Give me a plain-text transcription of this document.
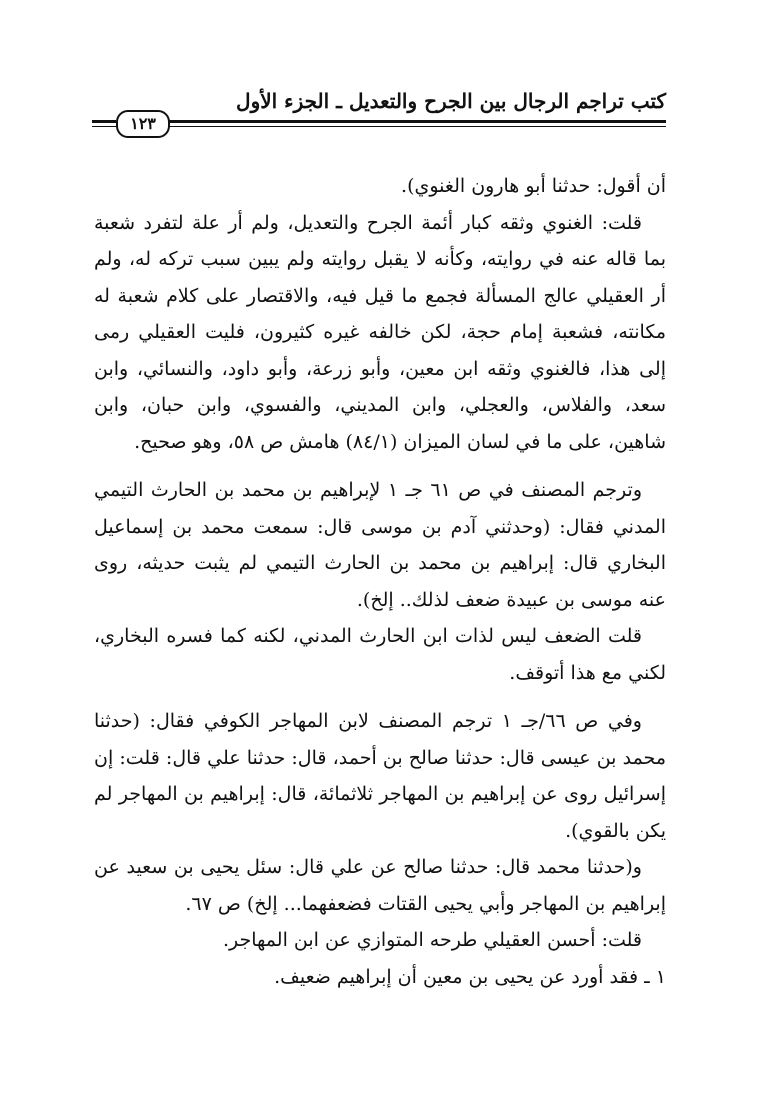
كتب تراجم الرجال بين الجرح والتعديل ـ الجزء الأول
١٢٣

أن أقول: حدثنا أبو هارون الغنوي).

قلت: الغنوي وثقه كبار أئمة الجرح والتعديل، ولم أر علة لتفرد شعبة بما قاله عنه في روايته، وكأنه لا يقبل روايته ولم يبين سبب تركه له، ولم أر العقيلي عالج المسألة فجمع ما قيل فيه، والاقتصار على كلام شعبة له مكانته، فشعبة إمام حجة، لكن خالفه غيره كثيرون، فليت العقيلي رمى إلى هذا، فالغنوي وثقه ابن معين، وأبو زرعة، وأبو داود، والنسائي، وابن سعد، والفلاس، والعجلي، وابن المديني، والفسوي، وابن حبان، وابن شاهين، على ما في لسان الميزان (٨٤/١) هامش ص ٥٨، وهو صحيح.

وترجم المصنف في ص ٦١ جـ ١ لإبراهيم بن محمد بن الحارث التيمي المدني فقال: (وحدثني آدم بن موسى قال: سمعت محمد بن إسماعيل البخاري قال: إبراهيم بن محمد بن الحارث التيمي لم يثبت حديثه، روى عنه موسى بن عبيدة ضعف لذلك.. إلخ).

قلت الضعف ليس لذات ابن الحارث المدني، لكنه كما فسره البخاري، لكني مع هذا أتوقف.

وفي ص ٦٦/جـ ١ ترجم المصنف لابن المهاجر الكوفي فقال: (حدثنا محمد بن عيسى قال: حدثنا صالح بن أحمد، قال: حدثنا علي قال: قلت: إن إسرائيل روى عن إبراهيم بن المهاجر ثلاثمائة، قال: إبراهيم بن المهاجر لم يكن بالقوي).

و(حدثنا محمد قال: حدثنا صالح عن علي قال: سئل يحيى بن سعيد عن إبراهيم بن المهاجر وأبي يحيى القتات فضعفهما... إلخ) ص ٦٧.

قلت: أحسن العقيلي طرحه المتوازي عن ابن المهاجر.

١ ـ فقد أورد عن يحيى بن معين أن إبراهيم ضعيف.
